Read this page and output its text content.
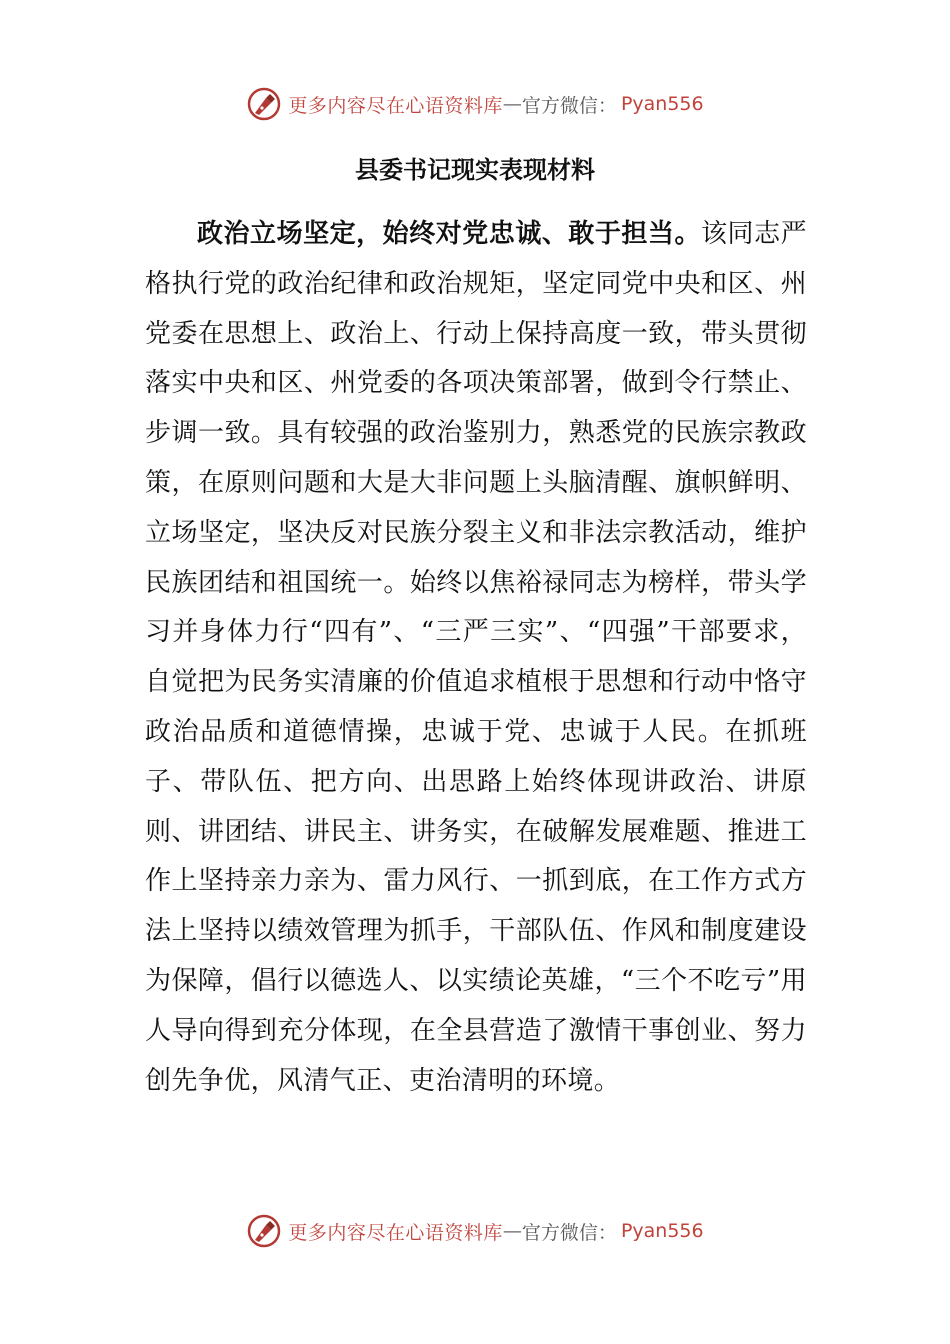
更多内容尽在心语资料库 — 官方微信： Pyan556
县委书记现实表现材料

政治立场坚定，始终对党忠诚、敢于担当。该同志严格执行党的政治纪律和政治规矩，坚定同党中央和区、州党委在思想上、政治上、行动上保持高度一致，带头贯彻落实中央和区、州党委的各项决策部署，做到令行禁止、步调一致。具有较强的政治鉴别力，熟悉党的民族宗教政策，在原则问题和大是大非问题上头脑清醒、旗帜鲜明、立场坚定，坚决反对民族分裂主义和非法宗教活动，维护民族团结和祖国统一。始终以焦裕禄同志为榜样，带头学习并身体力行“四有”、“三严三实”、“四强”干部要求，自觉把为民务实清廉的价值追求植根于思想和行动中恪守政治品质和道德情操，忠诚于党、忠诚于人民。在抓班子、带队伍、把方向、出思路上始终体现讲政治、讲原则、讲团结、讲民主、讲务实，在破解发展难题、推进工作上坚持亲力亲为、雷力风行、一抓到底，在工作方式方法上坚持以绩效管理为抓手，干部队伍、作风和制度建设为保障，倡行以德选人、以实绩论英雄，“三个不吃亏”用人导向得到充分体现，在全县营造了激情干事创业、努力创先争优，风清气正、吏治清明的环境。

更多内容尽在心语资料库 — 官方微信： Pyan556
